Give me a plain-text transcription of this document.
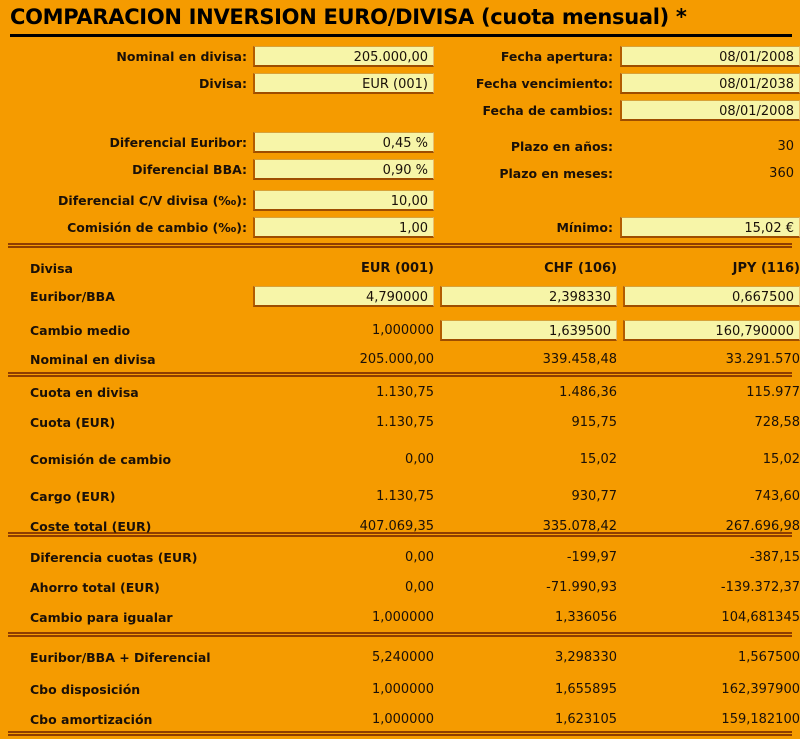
COMPARACION INVERSION EURO/DIVISA (cuota mensual) *
Nominal en divisa:	205.000,00
Divisa:	EUR (001)
Diferencial Euribor:	0,45 %
Diferencial BBA:	0,90 %
Diferencial C/V divisa (‰):	10,00
Comisión de cambio (‰):	1,00
Fecha apertura:	08/01/2008
Fecha vencimiento:	08/01/2038
Fecha de cambios:	08/01/2008
Plazo en años:	30
Plazo en meses:	360
Mínimo:	15,02 €
Divisa	EUR (001)	CHF (106)	JPY (116)
Euribor/BBA	4,790000	2,398330	0,667500
Cambio medio	1,000000	1,639500	160,790000
Nominal en divisa	205.000,00	339.458,48	33.291.570
Cuota en divisa	1.130,75	1.486,36	115.977
Cuota (EUR)	1.130,75	915,75	728,58
Comisión de cambio	0,00	15,02	15,02
Cargo (EUR)	1.130,75	930,77	743,60
Coste total (EUR)	407.069,35	335.078,42	267.696,98
Diferencia cuotas (EUR)	0,00	-199,97	-387,15
Ahorro total (EUR)	0,00	-71.990,93	-139.372,37
Cambio para igualar	1,000000	1,336056	104,681345
Euribor/BBA + Diferencial	5,240000	3,298330	1,567500
Cbo disposición	1,000000	1,655895	162,397900
Cbo amortización	1,000000	1,623105	159,182100
